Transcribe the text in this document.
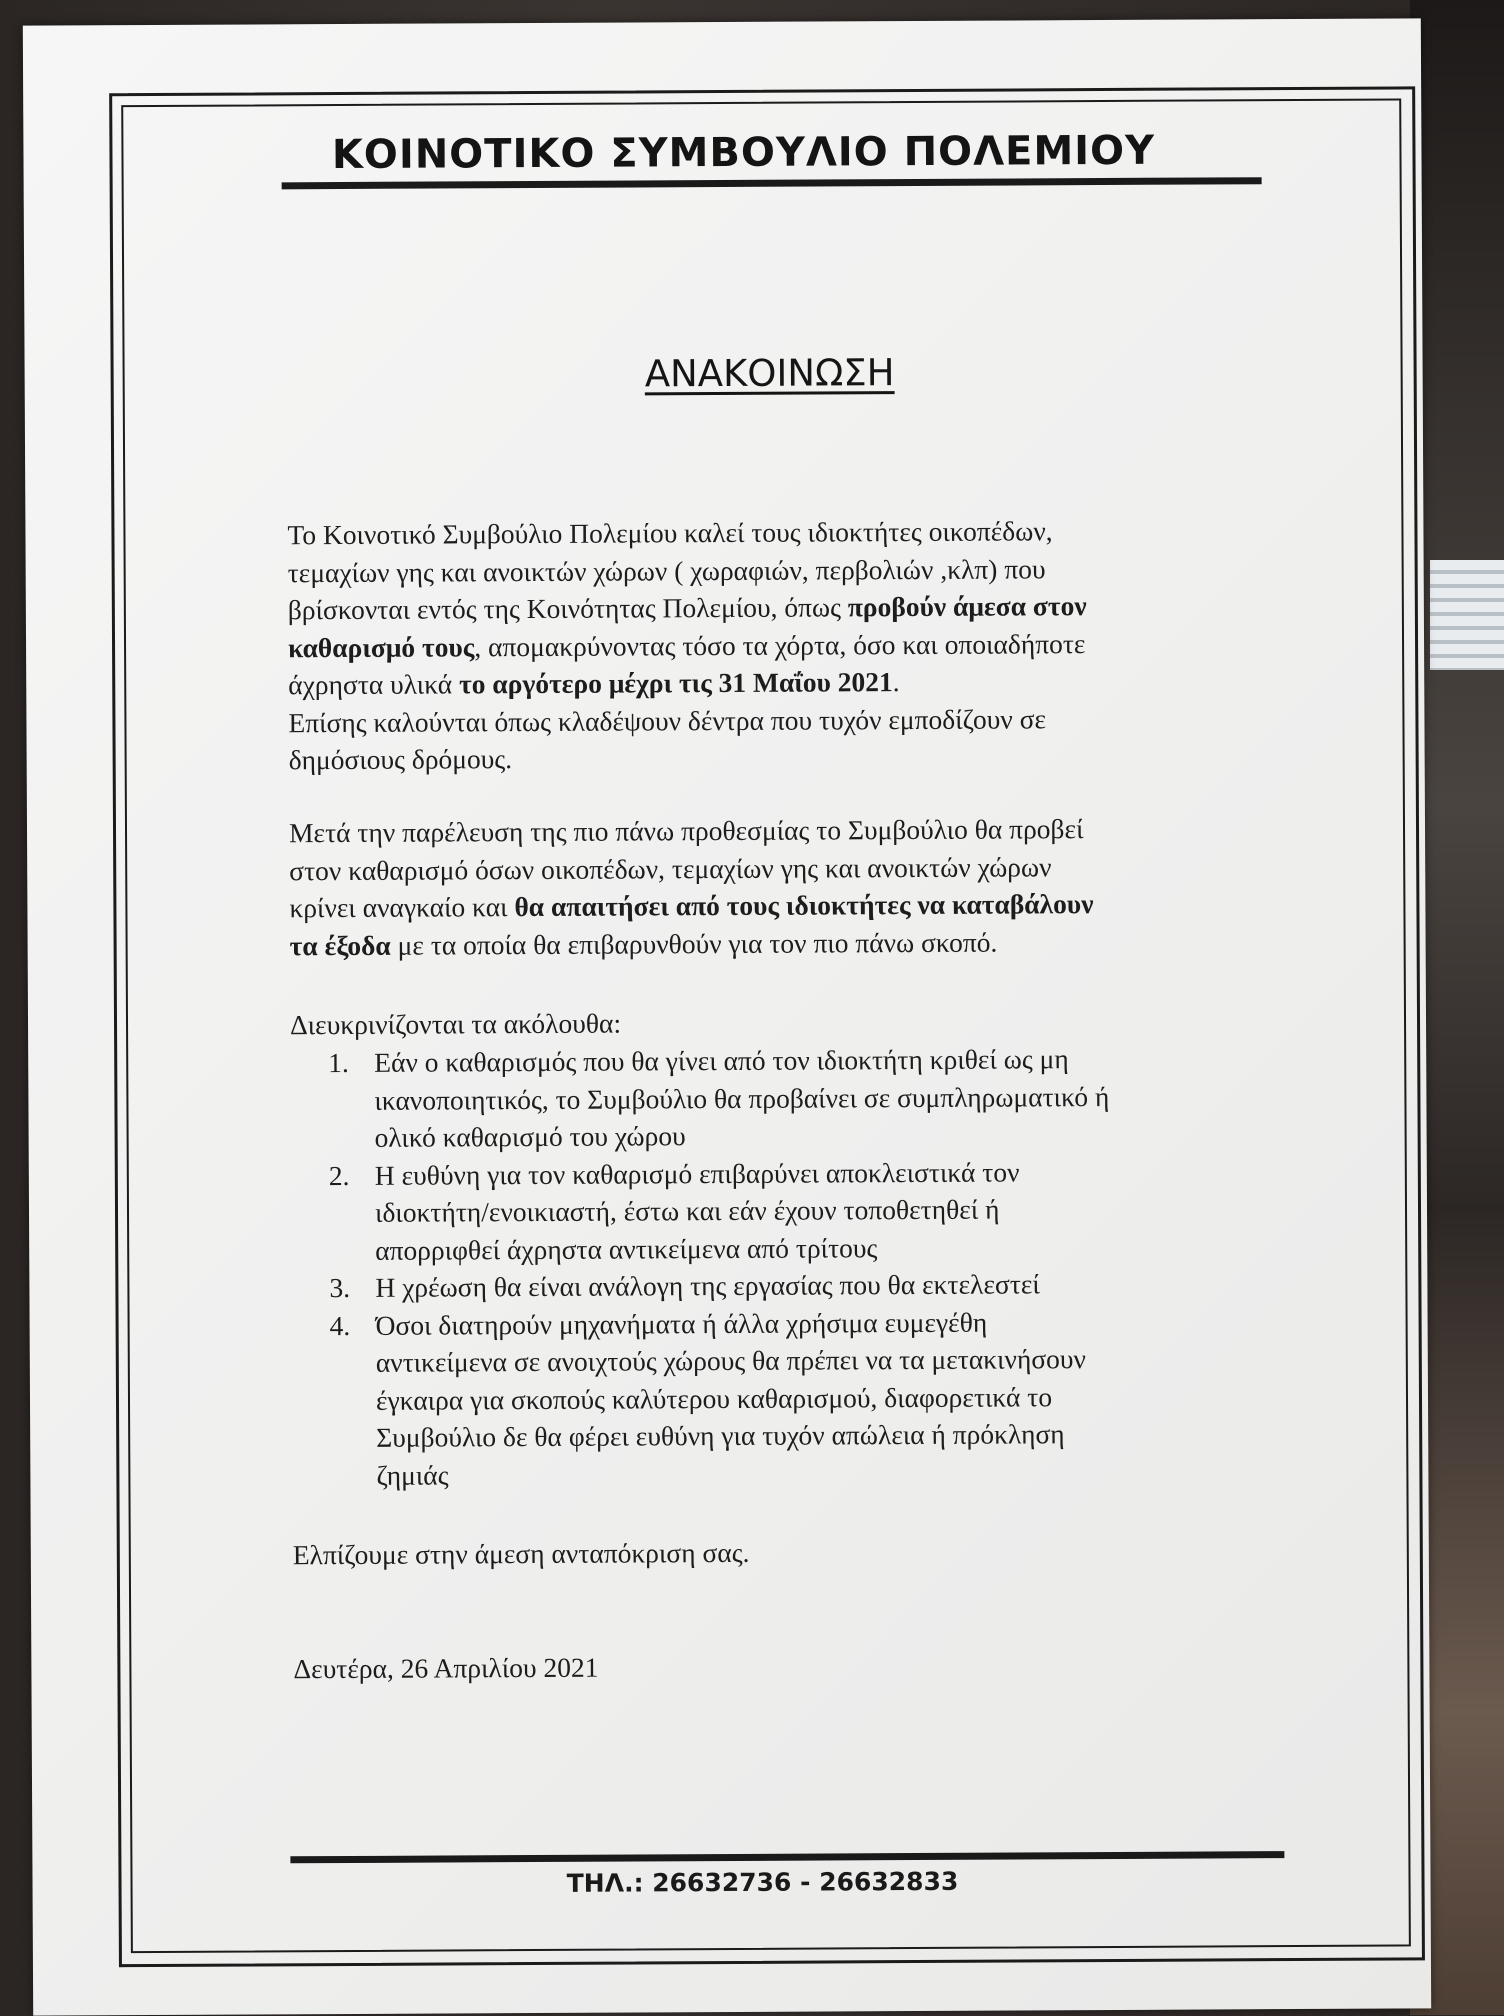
ΚΟΙΝΟΤΙΚΟ ΣΥΜΒΟΥΛΙΟ ΠΟΛΕΜΙΟΥ
ΑΝΑΚΟΙΝΩΣΗ
Το Κοινοτικό Συμβούλιο Πολεμίου καλεί τους ιδιοκτήτες οικοπέδων,
τεμαχίων γης και ανοικτών χώρων ( χωραφιών, περβολιών ,κλπ) που
βρίσκονται εντός της Κοινότητας Πολεμίου, όπως προβούν άμεσα στον
καθαρισμό τους, απομακρύνοντας τόσο τα χόρτα, όσο και οποιαδήποτε
άχρηστα υλικά το αργότερο μέχρι τις 31 Μαΐου 2021.
Επίσης καλούνται όπως κλαδέψουν δέντρα που τυχόν εμποδίζουν σε
δημόσιους δρόμους.
Μετά την παρέλευση της πιο πάνω προθεσμίας το Συμβούλιο θα προβεί
στον καθαρισμό όσων οικοπέδων, τεμαχίων γης και ανοικτών χώρων
κρίνει αναγκαίο και θα απαιτήσει από τους ιδιοκτήτες να καταβάλουν
τα έξοδα με τα οποία θα επιβαρυνθούν για τον πιο πάνω σκοπό.
Διευκρινίζονται τα ακόλουθα:
1. Εάν ο καθαρισμός που θα γίνει από τον ιδιοκτήτη κριθεί ως μη
ικανοποιητικός, το Συμβούλιο θα προβαίνει σε συμπληρωματικό ή
ολικό καθαρισμό του χώρου
2. Η ευθύνη για τον καθαρισμό επιβαρύνει αποκλειστικά τον
ιδιοκτήτη/ενοικιαστή, έστω και εάν έχουν τοποθετηθεί ή
απορριφθεί άχρηστα αντικείμενα από τρίτους
3. Η χρέωση θα είναι ανάλογη της εργασίας που θα εκτελεστεί
4. Όσοι διατηρούν μηχανήματα ή άλλα χρήσιμα ευμεγέθη
αντικείμενα σε ανοιχτούς χώρους θα πρέπει να τα μετακινήσουν
έγκαιρα για σκοπούς καλύτερου καθαρισμού, διαφορετικά το
Συμβούλιο δε θα φέρει ευθύνη για τυχόν απώλεια ή πρόκληση
ζημιάς
Ελπίζουμε στην άμεση ανταπόκριση σας.
Δευτέρα, 26 Απριλίου 2021
ΤΗΛ.: 26632736 - 26632833
